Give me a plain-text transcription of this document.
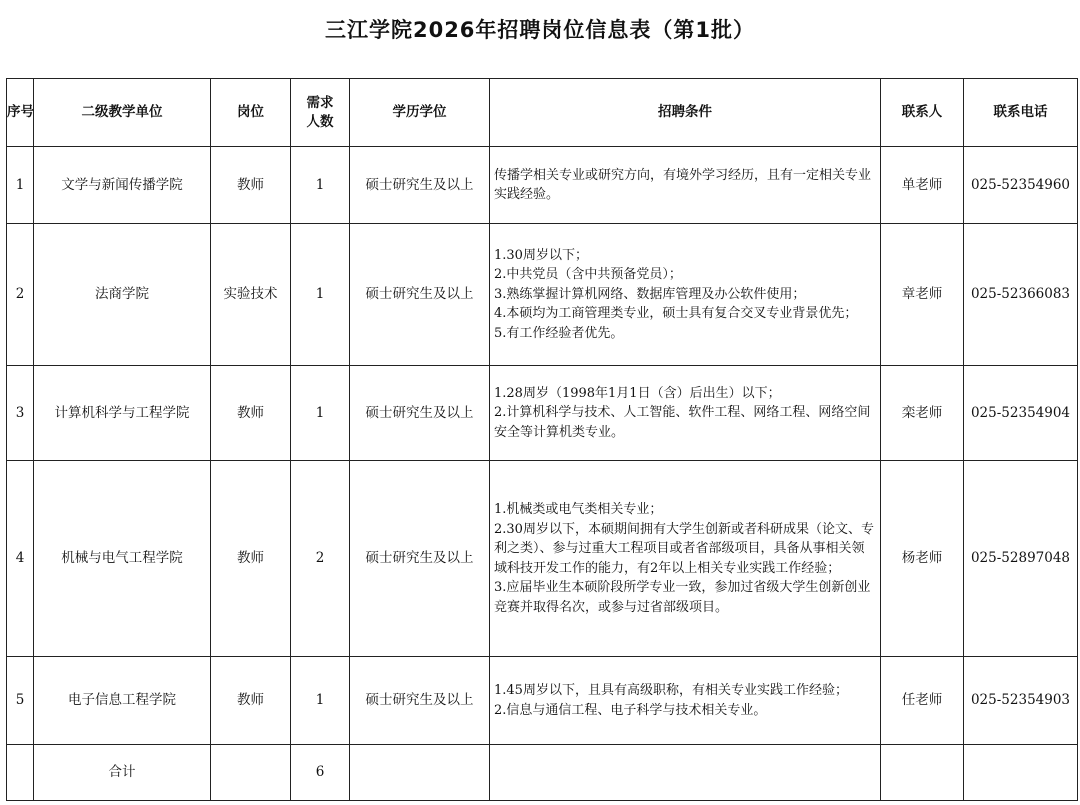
三江学院2026年招聘岗位信息表（第1批）
序号	二级教学单位	岗位	需求人数	学历学位	招聘条件	联系人	联系电话
1	文学与新闻传播学院	教师	1	硕士研究生及以上	传播学相关专业或研究方向，有境外学习经历，且有一定相关专业实践经验。	单老师	025-52354960
2	法商学院	实验技术	1	硕士研究生及以上	1.30周岁以下；
2.中共党员（含中共预备党员）；
3.熟练掌握计算机网络、数据库管理及办公软件使用；
4.本硕均为工商管理类专业，硕士具有复合交叉专业背景优先；
5.有工作经验者优先。	章老师	025-52366083
3	计算机科学与工程学院	教师	1	硕士研究生及以上	1.28周岁（1998年1月1日（含）后出生）以下；
2.计算机科学与技术、人工智能、软件工程、网络工程、网络空间安全等计算机类专业。	栾老师	025-52354904
4	机械与电气工程学院	教师	2	硕士研究生及以上	1.机械类或电气类相关专业；
2.30周岁以下，本硕期间拥有大学生创新或者科研成果（论文、专利之类）、参与过重大工程项目或者省部级项目，具备从事相关领域科技开发工作的能力，有2年以上相关专业实践工作经验；
3.应届毕业生本硕阶段所学专业一致，参加过省级大学生创新创业竞赛并取得名次，或参与过省部级项目。	杨老师	025-52897048
5	电子信息工程学院	教师	1	硕士研究生及以上	1.45周岁以下，且具有高级职称，有相关专业实践工作经验；
2.信息与通信工程、电子科学与技术相关专业。	任老师	025-52354903
	合计		6				
